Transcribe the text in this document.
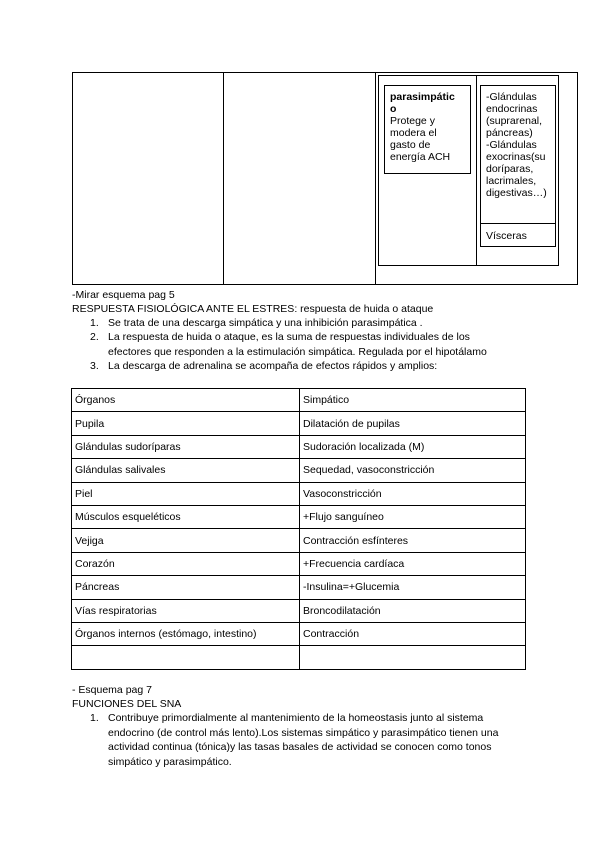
parasimpátic
o
Protege y
modera el
gasto de
energía ACH
-Glándulas
endocrinas
(suprarenal,
páncreas)
-Glándulas
exocrinas(su
doríparas,
lacrimales,
digestivas…)
Vísceras
-Mirar esquema pag 5
RESPUESTA FISIOLÓGICA ANTE EL ESTRES: respuesta de huida o ataque
1. Se trata de una descarga simpática y una inhibición parasimpática .
2. La respuesta de huida o ataque, es la suma de respuestas individuales de los
efectores que responden a la estimulación simpática. Regulada por el hipotálamo
3. La descarga de adrenalina se acompaña de efectos rápidos y amplios:
Órganos	Simpático
Pupila	Dilatación de pupilas
Glándulas sudoríparas	Sudoración localizada (M)
Glándulas salivales	Sequedad, vasoconstricción
Piel	Vasoconstricción
Músculos esqueléticos	+Flujo sanguíneo
Vejiga	Contracción esfínteres
Corazón	+Frecuencia cardíaca
Páncreas	-Insulina=+Glucemia
Vías respiratorias	Broncodilatación
Órganos internos (estómago, intestino)	Contracción

- Esquema pag 7
FUNCIONES DEL SNA
1. Contribuye primordialmente al mantenimiento de la homeostasis junto al sistema
endocrino (de control más lento).Los sistemas simpático y parasimpático tienen una
actividad continua (tónica)y las tasas basales de actividad se conocen como tonos
simpático y parasimpático.
